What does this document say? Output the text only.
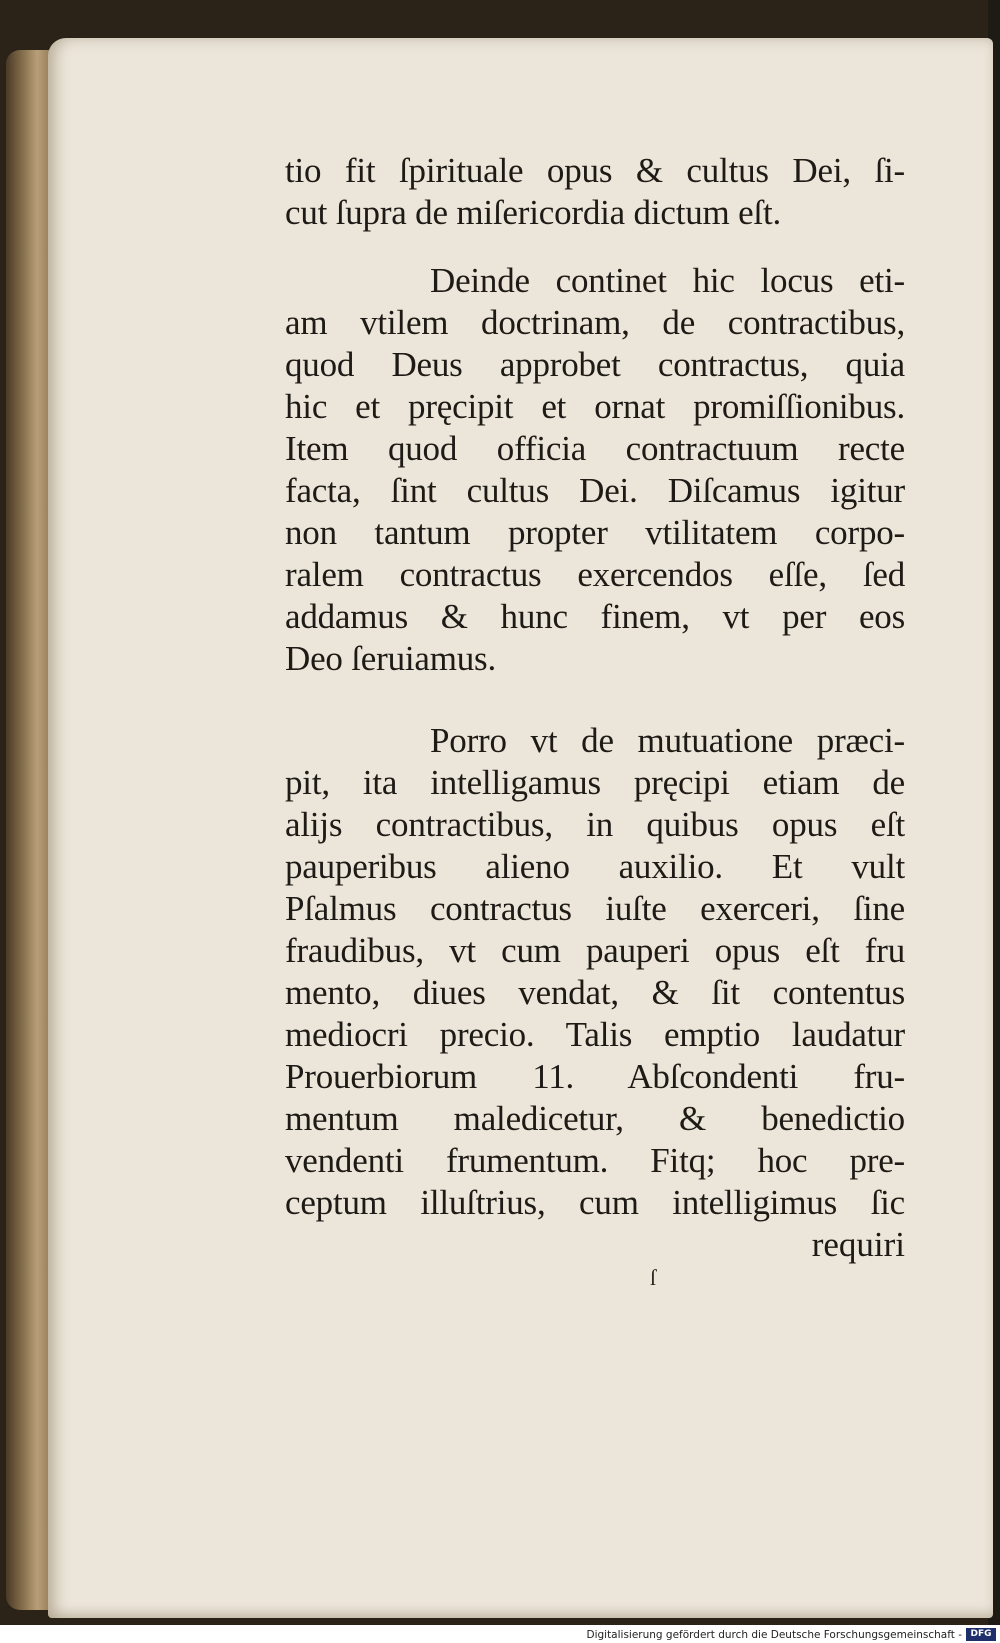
tio fit ſpirituale opus & cultus Dei, ſi-
cut ſupra de miſericordia dictum eſt.

Deinde continet hic locus eti-
am vtilem doctrinam, de contractibus,
quod Deus approbet contractus, quia
hic et pręcipit et ornat promiſſionibus.
Item quod officia contractuum recte
facta, ſint cultus Dei. Diſcamus igitur
non tantum propter vtilitatem corpo-
ralem contractus exercendos eſſe, ſed
addamus & hunc finem, vt per eos
Deo ſeruiamus.

Porro vt de mutuatione præci-
pit, ita intelligamus pręcipi etiam de
alijs contractibus, in quibus opus eſt
pauperibus alieno auxilio. Et vult
Pſalmus contractus iuſte exerceri, ſine
fraudibus, vt cum pauperi opus eſt fru
mento, diues vendat, & ſit contentus
mediocri precio. Talis emptio laudatur
Prouerbiorum 11. Abſcondenti fru-
mentum maledicetur, & benedictio
vendenti frumentum. Fitq; hoc pre-
ceptum illuſtrius, cum intelligimus ſic
requiri

ſ
Digitalisierung gefördert durch die Deutsche Forschungsgemeinschaft - DFG
